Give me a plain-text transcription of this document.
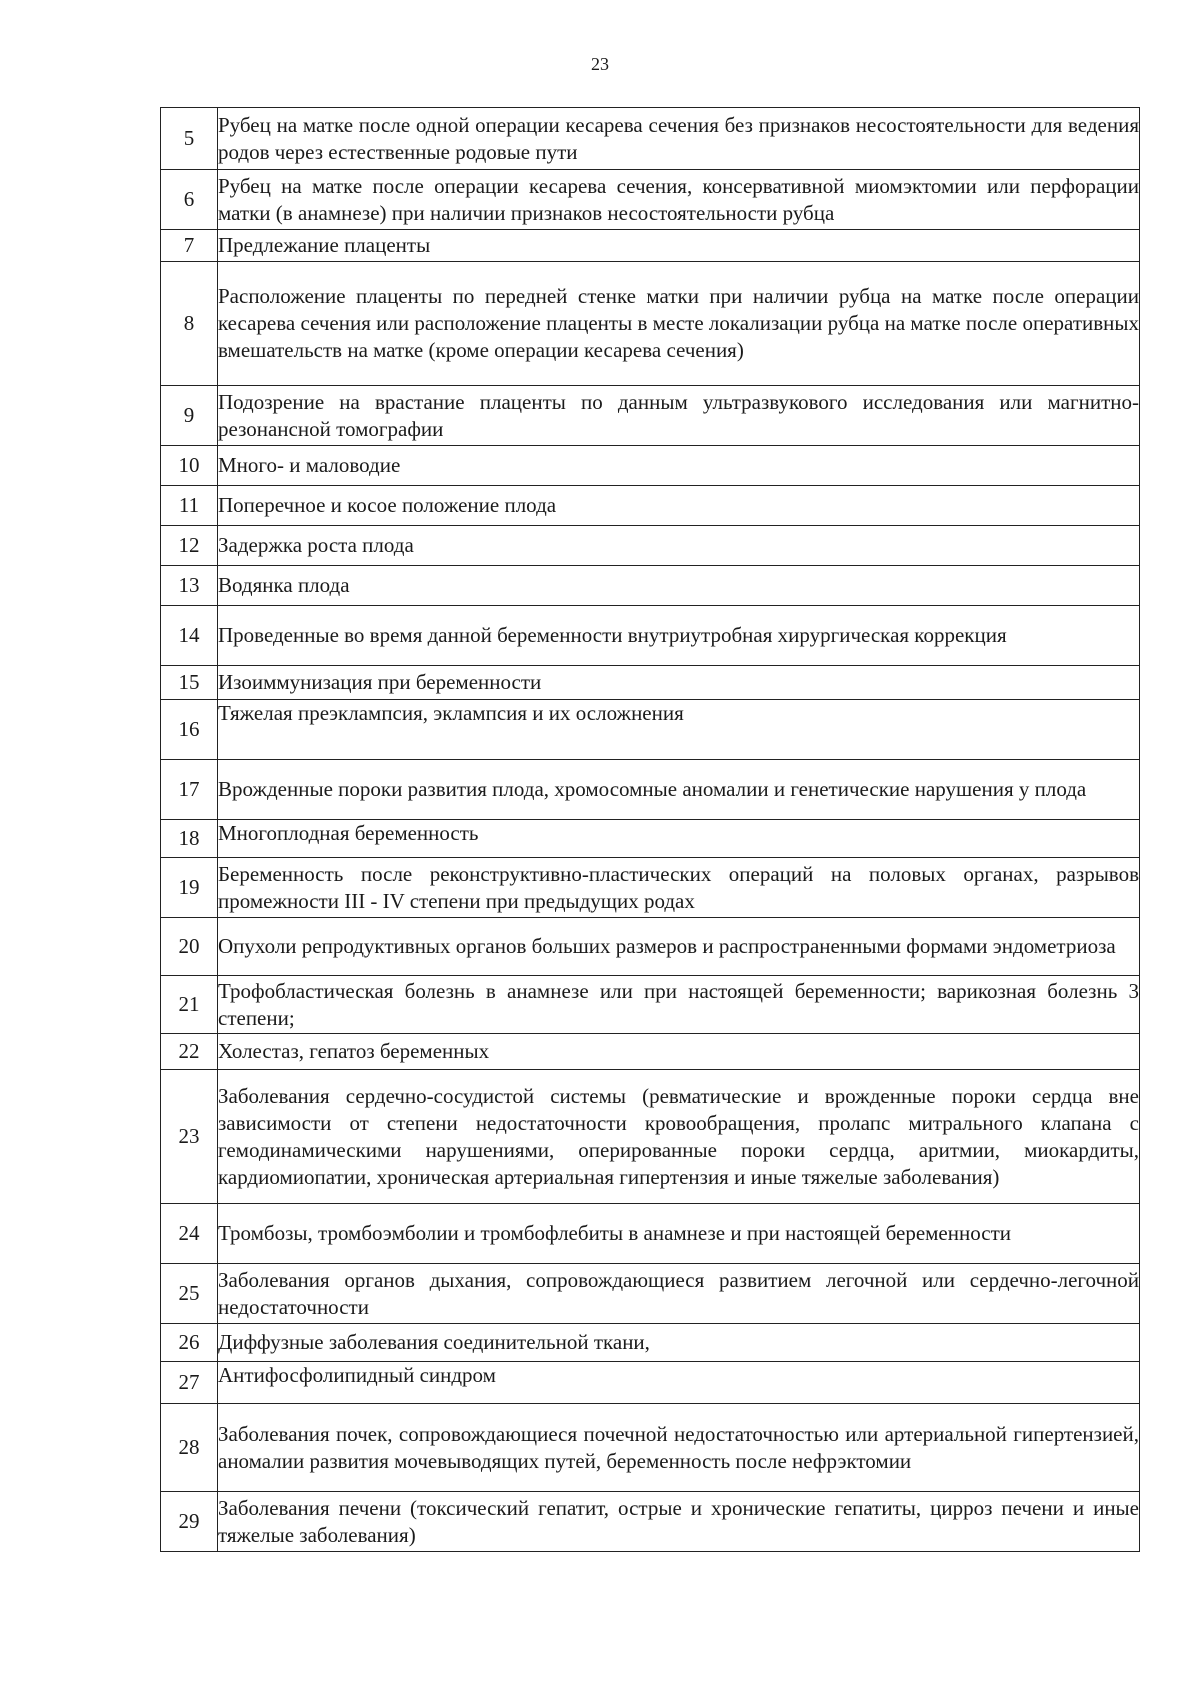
23
5	Рубец на матке после одной операции кесарева сечения без признаков несостоятельности для ведения родов через естественные родовые пути
6	Рубец на матке после операции кесарева сечения, консервативной миомэктомии или перфорации матки (в анамнезе) при наличии признаков несостоятельности рубца
7	Предлежание плаценты
8	Расположение плаценты по передней стенке матки при наличии рубца на матке после операции кесарева сечения или расположение плаценты в месте локализации рубца на матке после оперативных вмешательств на матке (кроме операции кесарева сечения)
9	Подозрение на врастание плаценты по данным ультразвукового исследования или магнитно-резонансной томографии
10	Много- и маловодие
11	Поперечное и косое положение плода
12	Задержка роста плода
13	Водянка плода
14	Проведенные во время данной беременности внутриутробная хирургическая коррекция
15	Изоиммунизация при беременности
16	Тяжелая преэклампсия, эклампсия и их осложнения
17	Врожденные пороки развития плода, хромосомные аномалии и генетические нарушения у плода
18	Многоплодная беременность
19	Беременность после реконструктивно-пластических операций на половых органах, разрывов промежности III - IV степени при предыдущих родах
20	Опухоли репродуктивных органов больших размеров и распространенными формами эндометриоза
21	Трофобластическая болезнь в анамнезе или при настоящей беременности; варикозная болезнь 3 степени;
22	Холестаз, гепатоз беременных
23	Заболевания сердечно-сосудистой системы (ревматические и врожденные пороки сердца вне зависимости от степени недостаточности кровообращения, пролапс митрального клапана с гемодинамическими нарушениями, оперированные пороки сердца, аритмии, миокардиты, кардиомиопатии, хроническая артериальная гипертензия и иные тяжелые заболевания)
24	Тромбозы, тромбоэмболии и тромбофлебиты в анамнезе и при настоящей беременности
25	Заболевания органов дыхания, сопровождающиеся развитием легочной или сердечно-легочной недостаточности
26	Диффузные заболевания соединительной ткани,
27	Антифосфолипидный синдром
28	Заболевания почек, сопровождающиеся почечной недостаточностью или артериальной гипертензией, аномалии развития мочевыводящих путей, беременность после нефрэктомии
29	Заболевания печени (токсический гепатит, острые и хронические гепатиты, цирроз печени и иные тяжелые заболевания)
